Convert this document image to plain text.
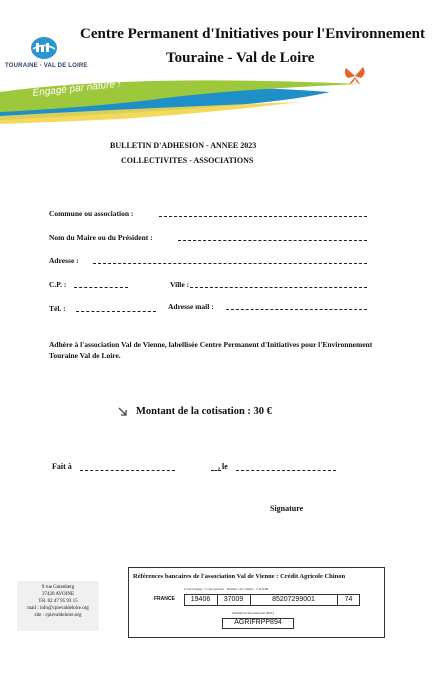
TOURAINE - VAL DE LOIRE
Centre Permanent d'Initiatives pour l'Environnement
Touraine - Val de Loire
Engagé par nature !
BULLETIN D'ADHESION - ANNEE 2023
COLLECTIVITES - ASSOCIATIONS
Commune ou association :
Nom du Maire ou du Président :
Adresse :
C.P. :	Ville :
Tél. :	Adresse mail :
Adhère à l'association Val de Vienne, labellisée Centre Permanent d'Initiatives pour l'Environnement Touraine Val de Loire.
Montant de la cotisation : 30 €
Fait à	, le
Signature
9 rue Gutenberg
37420 AVOINE
Tél. 02 47 95 93 15
mail : info@cpievaldeloire.org
site : cpievaldeloire.org
Références bancaires de l'association Val de Vienne : Crédit Agricole Chinon
Code banque · Code guichet · Numéro de compte · Clé RIB
FRANCE	19406	37009	85207299001	74
Identifiant international (BIC)
AGRIFRPP894
